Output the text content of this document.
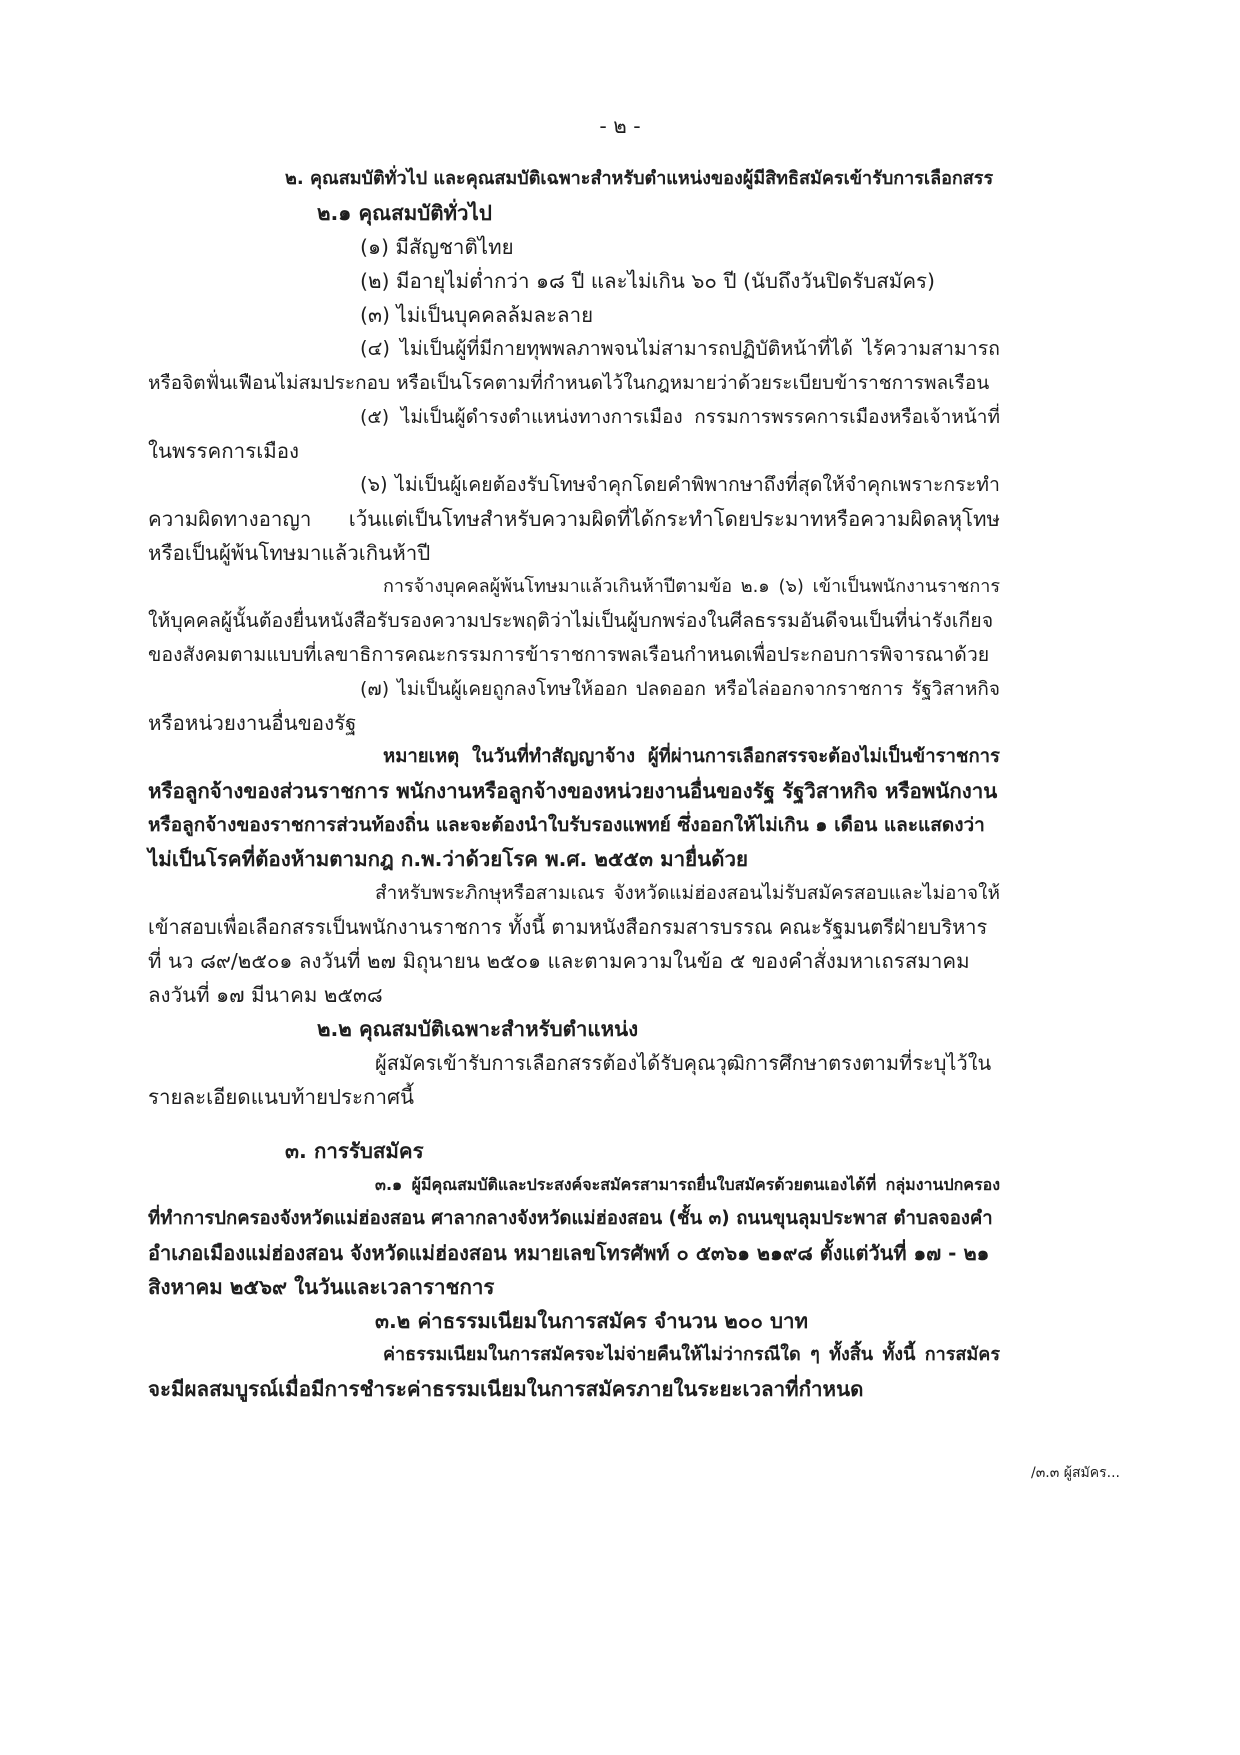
- ๒ -

๒. คุณสมบัติทั่วไป และคุณสมบัติเฉพาะสำหรับตำแหน่งของผู้มีสิทธิสมัครเข้ารับการเลือกสรร

๒.๑ คุณสมบัติทั่วไป

(๑) มีสัญชาติไทย

(๒) มีอายุไม่ต่ำกว่า ๑๘ ปี และไม่เกิน ๖๐ ปี (นับถึงวันปิดรับสมัคร)

(๓) ไม่เป็นบุคคลล้มละลาย

(๔) ไม่เป็นผู้ที่มีกายทุพพลภาพจนไม่สามารถปฏิบัติหน้าที่ได้ ไร้ความสามารถ

หรือจิตฟั่นเฟือนไม่สมประกอบ หรือเป็นโรคตามที่กำหนดไว้ในกฎหมายว่าด้วยระเบียบข้าราชการพลเรือน

(๕) ไม่เป็นผู้ดำรงตำแหน่งทางการเมือง กรรมการพรรคการเมืองหรือเจ้าหน้าที่

ในพรรคการเมือง

(๖) ไม่เป็นผู้เคยต้องรับโทษจำคุกโดยคำพิพากษาถึงที่สุดให้จำคุกเพราะกระทำ

ความผิดทางอาญา เว้นแต่เป็นโทษสำหรับความผิดที่ได้กระทำโดยประมาทหรือความผิดลหุโทษ

หรือเป็นผู้พ้นโทษมาแล้วเกินห้าปี

การจ้างบุคคลผู้พ้นโทษมาแล้วเกินห้าปีตามข้อ ๒.๑ (๖) เข้าเป็นพนักงานราชการ

ให้บุคคลผู้นั้นต้องยื่นหนังสือรับรองความประพฤติว่าไม่เป็นผู้บกพร่องในศีลธรรมอันดีจนเป็นที่น่ารังเกียจ

ของสังคมตามแบบที่เลขาธิการคณะกรรมการข้าราชการพลเรือนกำหนดเพื่อประกอบการพิจารณาด้วย

(๗) ไม่เป็นผู้เคยถูกลงโทษให้ออก ปลดออก หรือไล่ออกจากราชการ รัฐวิสาหกิจ

หรือหน่วยงานอื่นของรัฐ

หมายเหตุ ในวันที่ทำสัญญาจ้าง ผู้ที่ผ่านการเลือกสรรจะต้องไม่เป็นข้าราชการ

หรือลูกจ้างของส่วนราชการ พนักงานหรือลูกจ้างของหน่วยงานอื่นของรัฐ รัฐวิสาหกิจ หรือพนักงาน

หรือลูกจ้างของราชการส่วนท้องถิ่น และจะต้องนำใบรับรองแพทย์ ซึ่งออกให้ไม่เกิน ๑ เดือน และแสดงว่า

ไม่เป็นโรคที่ต้องห้ามตามกฎ ก.พ.ว่าด้วยโรค พ.ศ. ๒๕๕๓ มายื่นด้วย

สำหรับพระภิกษุหรือสามเณร จังหวัดแม่ฮ่องสอนไม่รับสมัครสอบและไม่อาจให้

เข้าสอบเพื่อเลือกสรรเป็นพนักงานราชการ ทั้งนี้ ตามหนังสือกรมสารบรรณ คณะรัฐมนตรีฝ่ายบริหาร

ที่ นว ๘๙/๒๕๐๑ ลงวันที่ ๒๗ มิถุนายน ๒๕๐๑ และตามความในข้อ ๕ ของคำสั่งมหาเถรสมาคม

ลงวันที่ ๑๗ มีนาคม ๒๕๓๘

๒.๒ คุณสมบัติเฉพาะสำหรับตำแหน่ง

ผู้สมัครเข้ารับการเลือกสรรต้องได้รับคุณวุฒิการศึกษาตรงตามที่ระบุไว้ใน

รายละเอียดแนบท้ายประกาศนี้

๓. การรับสมัคร

๓.๑ ผู้มีคุณสมบัติและประสงค์จะสมัครสามารถยื่นใบสมัครด้วยตนเองได้ที่ กลุ่มงานปกครอง

ที่ทำการปกครองจังหวัดแม่ฮ่องสอน ศาลากลางจังหวัดแม่ฮ่องสอน (ชั้น ๓) ถนนขุนลุมประพาส ตำบลจองคำ

อำเภอเมืองแม่ฮ่องสอน จังหวัดแม่ฮ่องสอน หมายเลขโทรศัพท์ ๐ ๕๓๖๑ ๒๑๙๘ ตั้งแต่วันที่ ๑๗ - ๒๑

สิงหาคม ๒๕๖๙ ในวันและเวลาราชการ

๓.๒ ค่าธรรมเนียมในการสมัคร จำนวน ๒๐๐ บาท

ค่าธรรมเนียมในการสมัครจะไม่จ่ายคืนให้ไม่ว่ากรณีใด ๆ ทั้งสิ้น ทั้งนี้ การสมัคร

จะมีผลสมบูรณ์เมื่อมีการชำระค่าธรรมเนียมในการสมัครภายในระยะเวลาที่กำหนด

/๓.๓ ผู้สมัคร...
